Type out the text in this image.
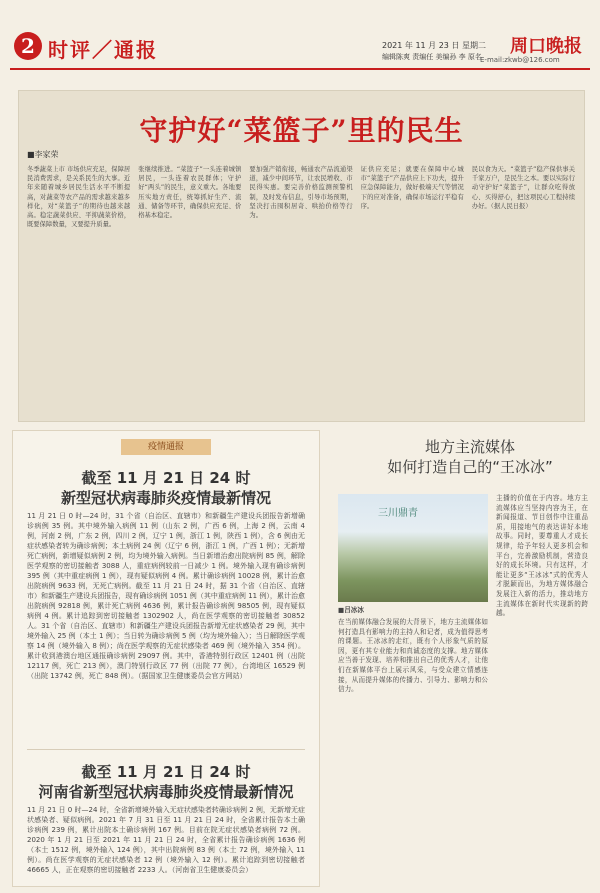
2 时评／通报	2021 年 11 月 23 日 星期二
编辑陈爽 责编任 美编孙 李 原名 周口晚报
E-mail:zkwb@126.com
守护好“菜篮子”里的民生
■李家荣
冬季蔬菜上市 市场供应充足，保障居民消费需求，是关系民生的大事。近年来随着城乡居民生活水平不断提高，对蔬菜等农产品的需求越来越多样化，对“菜篮子”的期待也越来越高。稳定蔬菜供应、平抑蔬菜价格，既要保障数量，又要提升质量。
张继续推进。“菜篮子”一头连着城镇居民，一头连着农民群体；守护好“两头”的民生，意义重大。各地要压实地方责任，统筹抓好生产、流通、储备等环节，确保供应充足、价格基本稳定。
要加强产销衔接，畅通农产品流通渠道，减少中间环节，让农民增收、市民得实惠。要完善价格监测预警机制，及时发布信息，引导市场预期，坚决打击囤积居奇、哄抬价格等行为。
证供应充足；就要在保障中心城市“菜篮子”产品供应上下功夫，提升应急保障能力，做好极端天气等情况下的应对准备，确保市场运行平稳有序。
民以食为天。“菜篮子”稳产保供事关千家万户，是民生之本。要以实际行动守护好“菜篮子”，让群众吃得放心、买得舒心，把这项民心工程持续办好。（据人民日报）
疫情通报
截至 11 月 21 日 24 时
新型冠状病毒肺炎疫情最新情况
11 月 21 日 0 时—24 时，31 个省（自治区、直辖市）和新疆生产建设兵团报告新增确诊病例 35 例。其中境外输入病例 11 例（山东 2 例，广西 6 例，上海 2 例，云南 4 例，河南 2 例，广东 2 例，四川 2 例，辽宁 1 例，浙江 1 例，陕西 1 例），含 6 例由无症状感染者转为确诊病例；本土病例 24 例（辽宁 6 例，浙江 1 例，广西 1 例）；无新增死亡病例，新增疑似病例 2 例，均为境外输入病例。当日新增治愈出院病例 85 例，解除医学观察的密切接触者 3088 人，重症病例较前一日减少 1 例。境外输入现有确诊病例 395 例（其中重症病例 1 例），现有疑似病例 4 例。累计确诊病例 10028 例，累计治愈出院病例 9633 例，无死亡病例。截至 11 月 21 日 24 时，据 31 个省（自治区、直辖市）和新疆生产建设兵团报告，现有确诊病例 1051 例（其中重症病例 11 例），累计治愈出院病例 92818 例，累计死亡病例 4636 例，累计报告确诊病例 98505 例，现有疑似病例 4 例。累计追踪到密切接触者 1302902 人，尚在医学观察的密切接触者 30852 人。31 个省（自治区、直辖市）和新疆生产建设兵团报告新增无症状感染者 29 例，其中境外输入 25 例（本土 1 例）；当日转为确诊病例 5 例（均为境外输入）；当日解除医学观察 14 例（境外输入 8 例）；尚在医学观察的无症状感染者 469 例（境外输入 354 例）。累计收到港澳台地区通报确诊病例 29097 例。其中，香港特别行政区 12401 例（出院 12117 例，死亡 213 例），澳门特别行政区 77 例（出院 77 例），台湾地区 16529 例（出院 13742 例，死亡 848 例）。（据国家卫生健康委员会官方网站）
截至 11 月 21 日 24 时
河南省新型冠状病毒肺炎疫情最新情况
11 月 21 日 0 时—24 时，全省新增境外输入无症状感染者转确诊病例 2 例，无新增无症状感染者、疑似病例。2021 年 7 月 31 日至 11 月 21 日 24 时，全省累计报告本土确诊病例 239 例，累计出院本土确诊病例 167 例。目前在院无症状感染者病例 72 例。2020 年 1 月 21 日至 2021 年 11 月 21 日 24 时，全省累计报告确诊病例 1636 例（本土 1512 例，境外输入 124 例），其中出院病例 83 例（本土 72 例，境外输入 11 例）。尚在医学观察的无症状感染者 12 例（境外输入 12 例）。累计追踪到密切接触者 46665 人，正在观察的密切接触者 2233 人。（河南省卫生健康委员会）
地方主流媒体
如何打造自己的“王冰冰”
三川鼎青
■吕冰冰
在当前媒体融合发展的大背景下，地方主流媒体如何打造具有影响力的主持人和记者，成为值得思考的课题。王冰冰的走红，既有个人形象气质的原因，更有其专业能力和真诚态度的支撑。地方媒体应当善于发现、培养和推出自己的优秀人才，让他们在新媒体平台上展示风采，与受众建立情感连接，从而提升媒体的传播力、引导力、影响力和公信力。
主播的价值在于内容。地方主流媒体应当坚持内容为王，在新闻报道、节目创作中注重品质，用接地气的表达讲好本地故事。同时，要尊重人才成长规律，给予年轻人更多机会和平台，完善激励机制，营造良好的成长环境。只有这样，才能让更多“王冰冰”式的优秀人才脱颖而出，为地方媒体融合发展注入新的活力，推动地方主流媒体在新时代实现新的跨越。
